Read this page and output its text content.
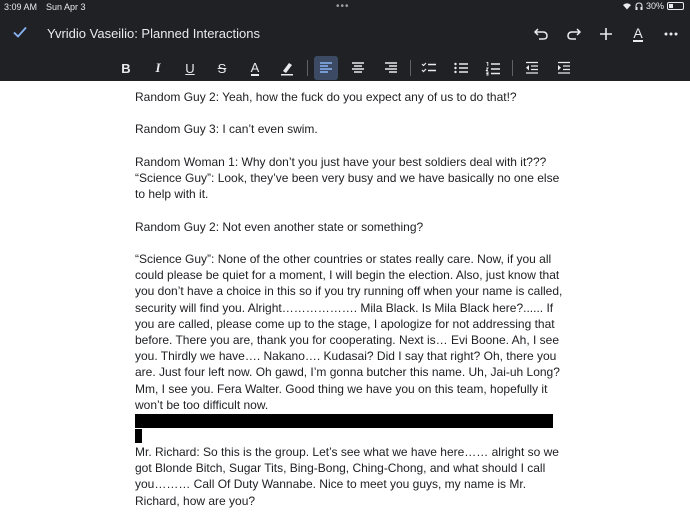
3:09 AM Sun Apr 3	•••	30%
Yvridio Vaseilio: Planned Interactions	A
B I U S A

Random Guy 2: Yeah, how the fuck do you expect any of us to do that!?

Random Guy 3: I can’t even swim.

Random Woman 1: Why don’t you just have your best soldiers deal with it???

“Science Guy”: Look, they’ve been very busy and we have basically no one else to help with it.

Random Guy 2: Not even another state or something?

“Science Guy”: None of the other countries or states really care. Now, if you all could please be quiet for a moment, I will begin the election. Also, just know that you don’t have a choice in this so if you try running off when your name is called, security will find you. Alright………………. Mila Black. Is Mila Black here?...... If you are called, please come up to the stage, I apologize for not addressing that before. There you are, thank you for cooperating. Next is… Evi Boone. Ah, I see you. Thirdly we have…. Nakano…. Kudasai? Did I say that right? Oh, there you are. Just four left now. Oh gawd, I’m gonna butcher this name. Uh, Jai-uh Long? Mm, I see you. Fera Walter. Good thing we have you on this team, hopefully it won’t be too difficult now.

Mr. Richard: So this is the group. Let’s see what we have here…… alright so we got Blonde Bitch, Sugar Tits, Bing-Bong, Ching-Chong, and what should I call you……… Call Of Duty Wannabe. Nice to meet you guys, my name is Mr. Richard, how are you?
